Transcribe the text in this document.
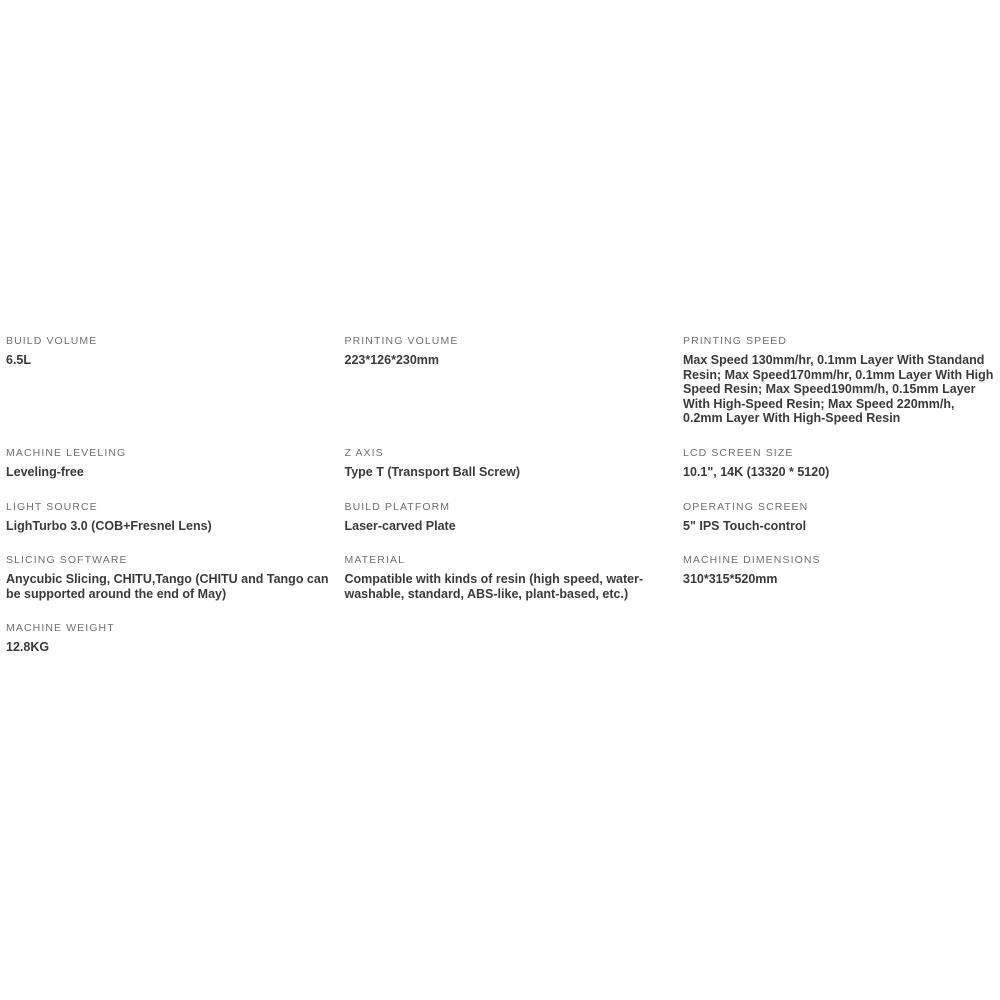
BUILD VOLUME
6.5L
PRINTING VOLUME
223*126*230mm
PRINTING SPEED
Max Speed 130mm/hr, 0.1mm Layer With Standand Resin; Max Speed170mm/hr, 0.1mm Layer With High Speed Resin; Max Speed190mm/h, 0.15mm Layer With High-Speed Resin; Max Speed 220mm/h, 0.2mm Layer With High-Speed Resin
MACHINE LEVELING
Leveling-free
Z AXIS
Type T (Transport Ball Screw)
LCD SCREEN SIZE
10.1", 14K (13320 * 5120)
LIGHT SOURCE
LighTurbo 3.0 (COB+Fresnel Lens)
BUILD PLATFORM
Laser-carved Plate
OPERATING SCREEN
5" IPS Touch-control
SLICING SOFTWARE
Anycubic Slicing, CHITU,Tango (CHITU and Tango can be supported around the end of May)
MATERIAL
Compatible with kinds of resin (high speed, water-washable, standard, ABS-like, plant-based, etc.)
MACHINE DIMENSIONS
310*315*520mm
MACHINE WEIGHT
12.8KG
